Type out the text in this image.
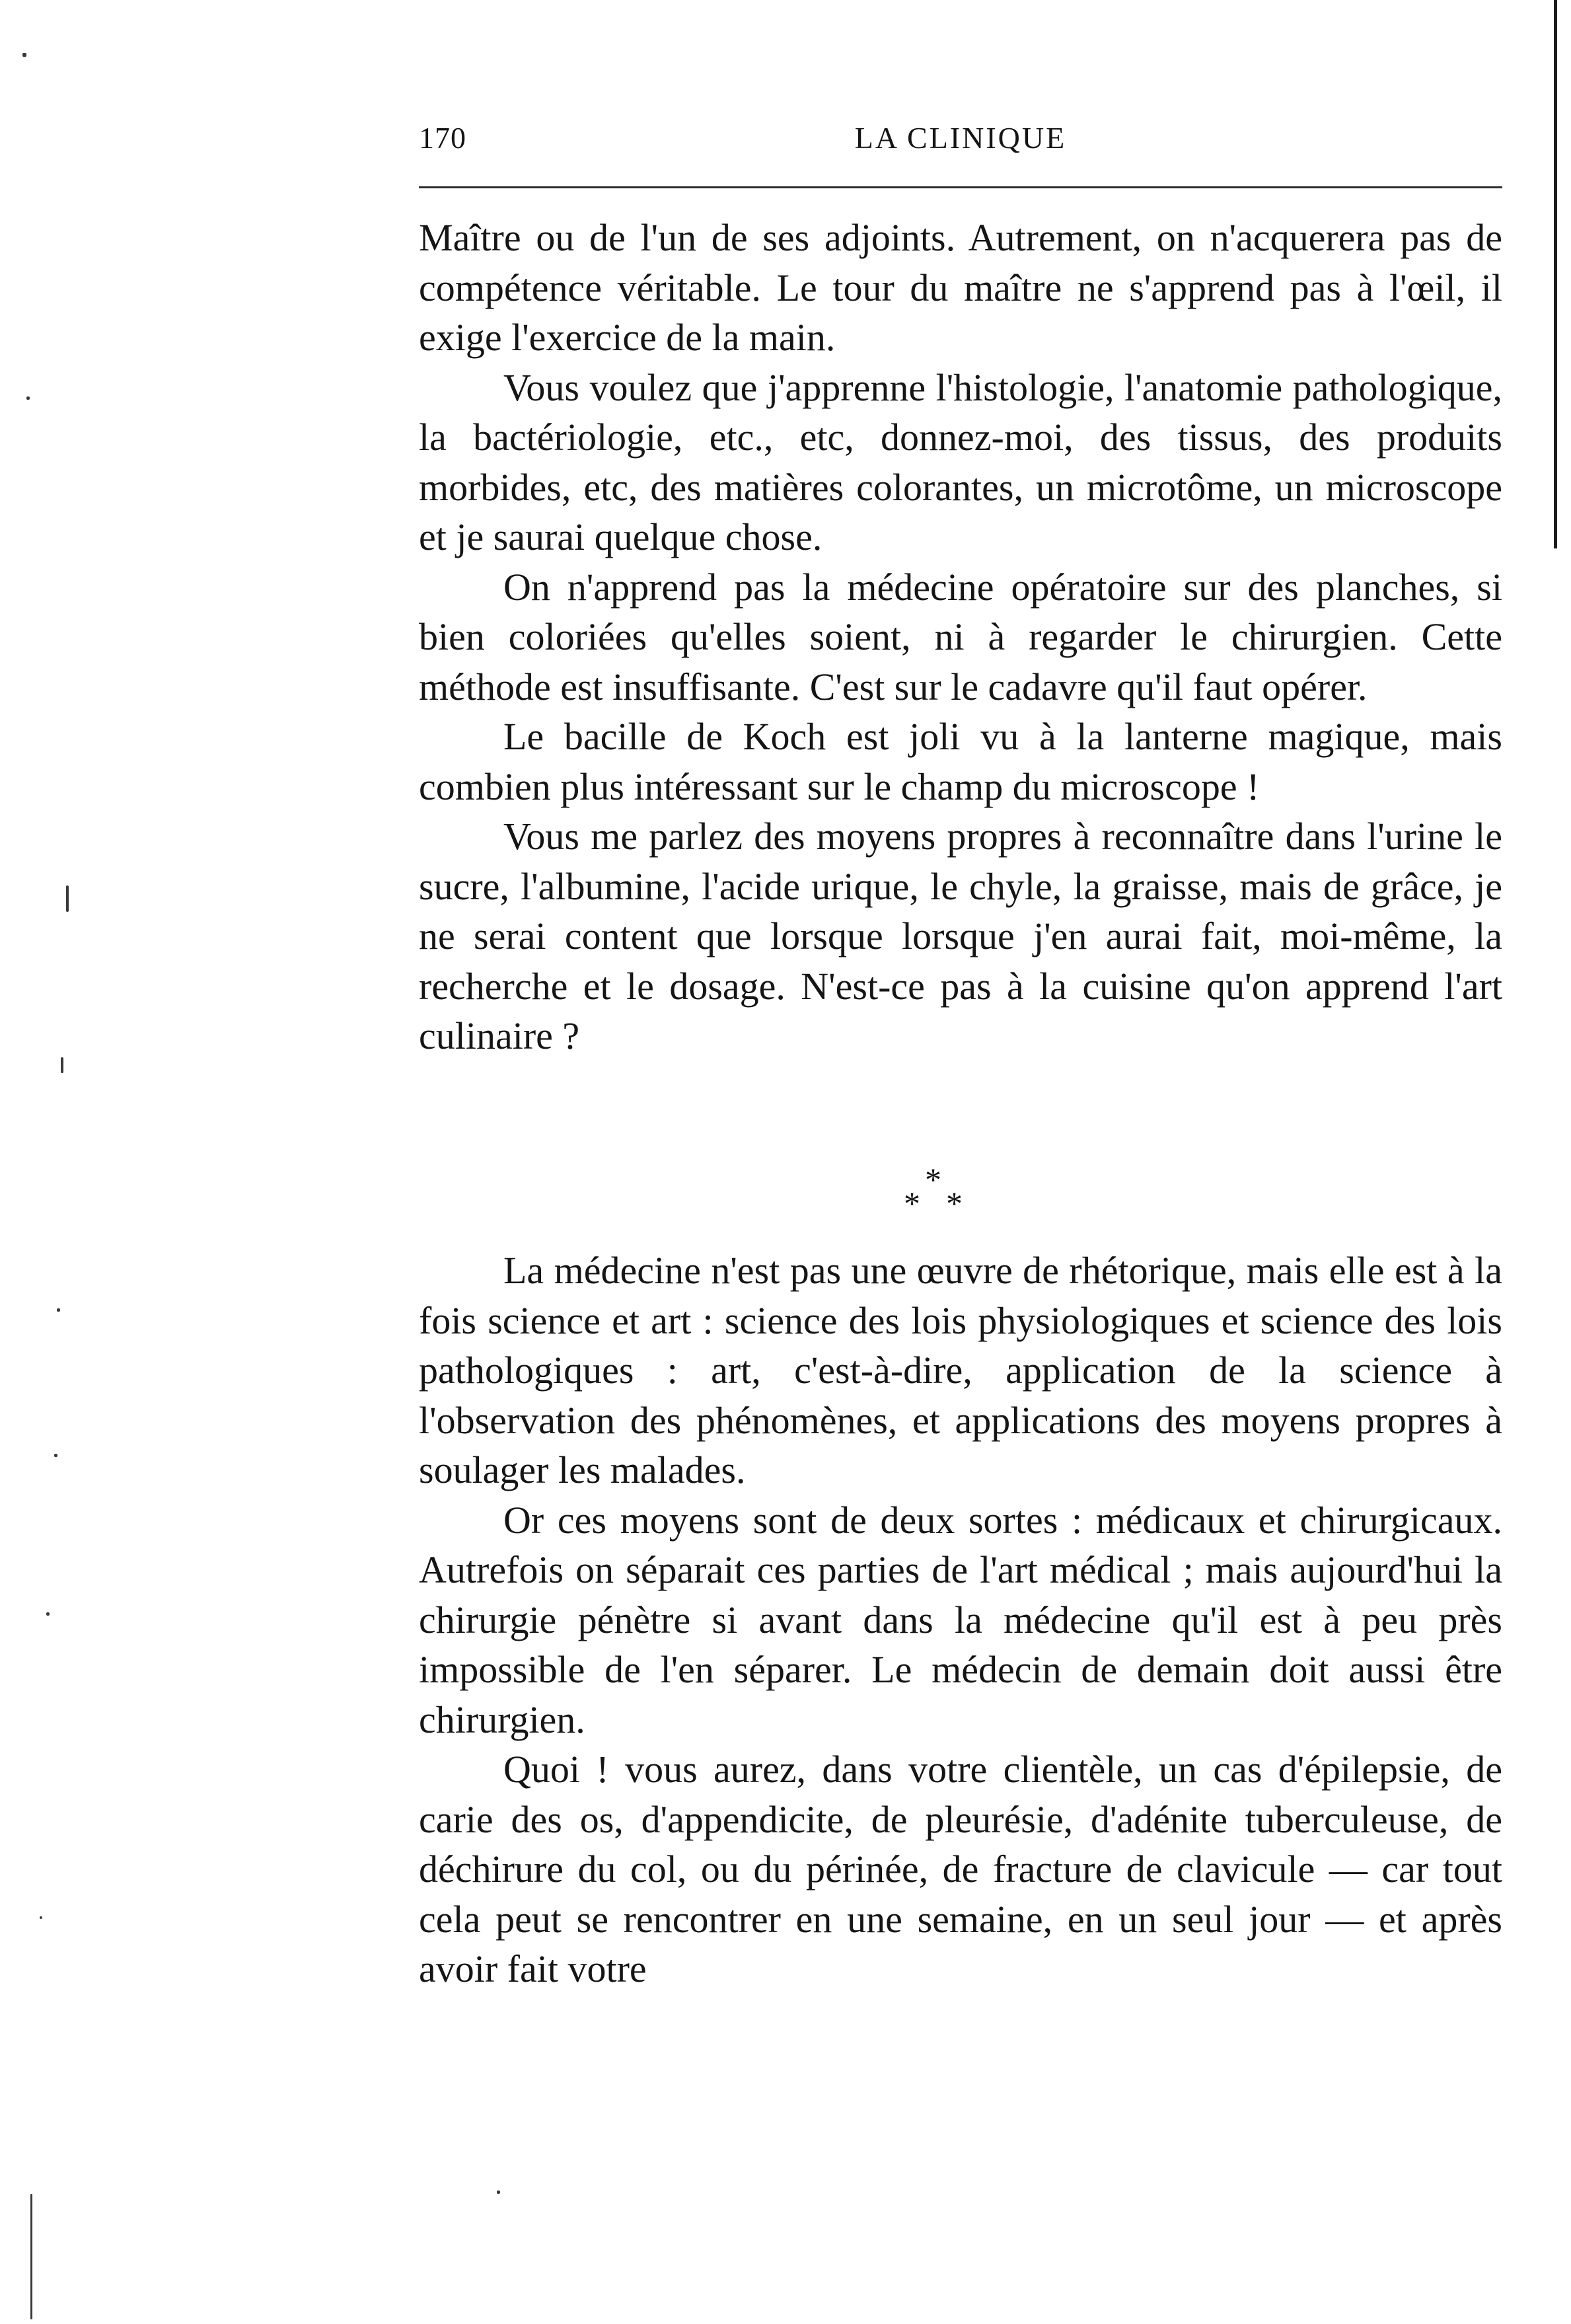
170	LA CLINIQUE

Maître ou de l'un de ses adjoints. Autrement, on n'acquerera pas de compétence véritable. Le tour du maître ne s'apprend pas à l'œil, il exige l'exercice de la main.

Vous voulez que j'apprenne l'histologie, l'anatomie pathologique, la bactériologie, etc., etc, donnez-moi, des tissus, des produits morbides, etc, des matières colorantes, un microtôme, un microscope et je saurai quelque chose.

On n'apprend pas la médecine opératoire sur des planches, si bien coloriées qu'elles soient, ni à regarder le chirurgien. Cette méthode est insuffisante. C'est sur le cadavre qu'il faut opérer.

Le bacille de Koch est joli vu à la lanterne magique, mais combien plus intéressant sur le champ du microscope !

Vous me parlez des moyens propres à reconnaître dans l'urine le sucre, l'albumine, l'acide urique, le chyle, la graisse, mais de grâce, je ne serai content que lorsque lorsque j'en aurai fait, moi-même, la recherche et le dosage. N'est-ce pas à la cuisine qu'on apprend l'art culinaire ?

*
* *

La médecine n'est pas une œuvre de rhétorique, mais elle est à la fois science et art : science des lois physiologiques et science des lois pathologiques : art, c'est-à-dire, application de la science à l'observation des phénomènes, et applications des moyens propres à soulager les malades.

Or ces moyens sont de deux sortes : médicaux et chirurgicaux. Autrefois on séparait ces parties de l'art médical ; mais aujourd'hui la chirurgie pénètre si avant dans la médecine qu'il est à peu près impossible de l'en séparer. Le médecin de demain doit aussi être chirurgien.

Quoi ! vous aurez, dans votre clientèle, un cas d'épilepsie, de carie des os, d'appendicite, de pleurésie, d'adénite tuberculeuse, de déchirure du col, ou du périnée, de fracture de clavicule — car tout cela peut se rencontrer en une semaine, en un seul jour — et après avoir fait votre
